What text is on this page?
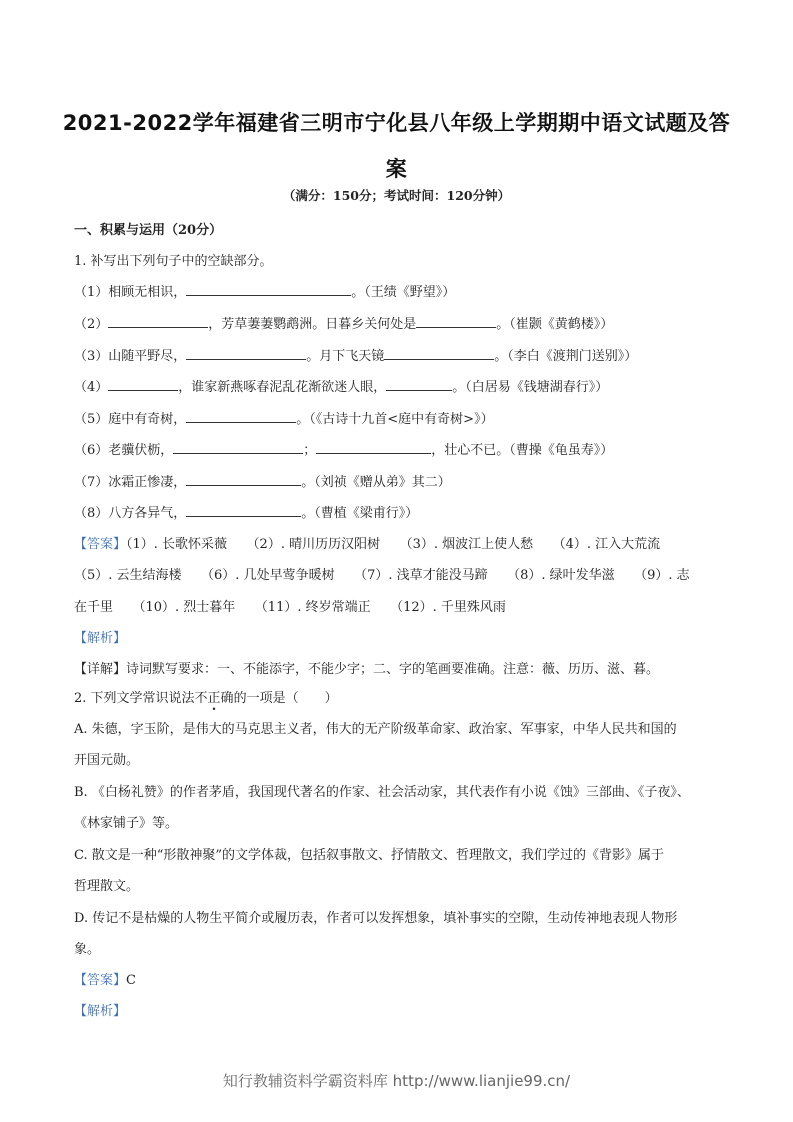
2021-2022学年福建省三明市宁化县八年级上学期期中语文试题及答
案
（满分：150分；考试时间：120分钟）
一、积累与运用（20分）
1. 补写出下列句子中的空缺部分。
（1）相顾无相识，	。（王绩《野望》）
（2）	，芳草萋萋鹦鹉洲。日暮乡关何处是	。（崔颢《黄鹤楼》）
（3）山随平野尽，	。月下飞天镜	。（李白《渡荆门送别》）
（4）	，谁家新燕啄春泥乱花渐欲迷人眼，	。（白居易《钱塘湖春行》）
（5）庭中有奇树，	。（《古诗十九首<庭中有奇树>》）
（6）老骥伏枥，	；	，壮心不已。（曹操《龟虽寿》）
（7）冰霜正惨凄，	。（刘祯《赠从弟》其二）
（8）八方各异气，	。（曹植《梁甫行》）
【答案】（1）. 长歌怀采薇　　（2）. 晴川历历汉阳树　　（3）. 烟波江上使人愁　　（4）. 江入大荒流
（5）. 云生结海楼　　（6）. 几处早莺争暖树　　（7）. 浅草才能没马蹄　　（8）. 绿叶发华滋　　（9）. 志
在千里　　（10）. 烈士暮年　　（11）. 终岁常端正　　（12）. 千里殊风雨
【解析】
【详解】诗词默写要求：一、不能添字，不能少字；二、字的笔画要准确。注意：薇、历历、滋、暮。
2. 下列文学常识说法不正确的一项是（　　）
A. 朱德，字玉阶，是伟大的马克思主义者，伟大的无产阶级革命家、政治家、军事家，中华人民共和国的
开国元勋。
B. 《白杨礼赞》的作者茅盾，我国现代著名的作家、社会活动家，其代表作有小说《蚀》三部曲、《子夜》、
《林家铺子》等。
C. 散文是一种“形散神聚”的文学体裁，包括叙事散文、抒情散文、哲理散文，我们学过的《背影》属于
哲理散文。
D. 传记不是枯燥的人物生平简介或履历表，作者可以发挥想象，填补事实的空隙，生动传神地表现人物形
象。
【答案】C
【解析】
知行教辅资料学霸资料库 http://www.lianjie99.cn/
